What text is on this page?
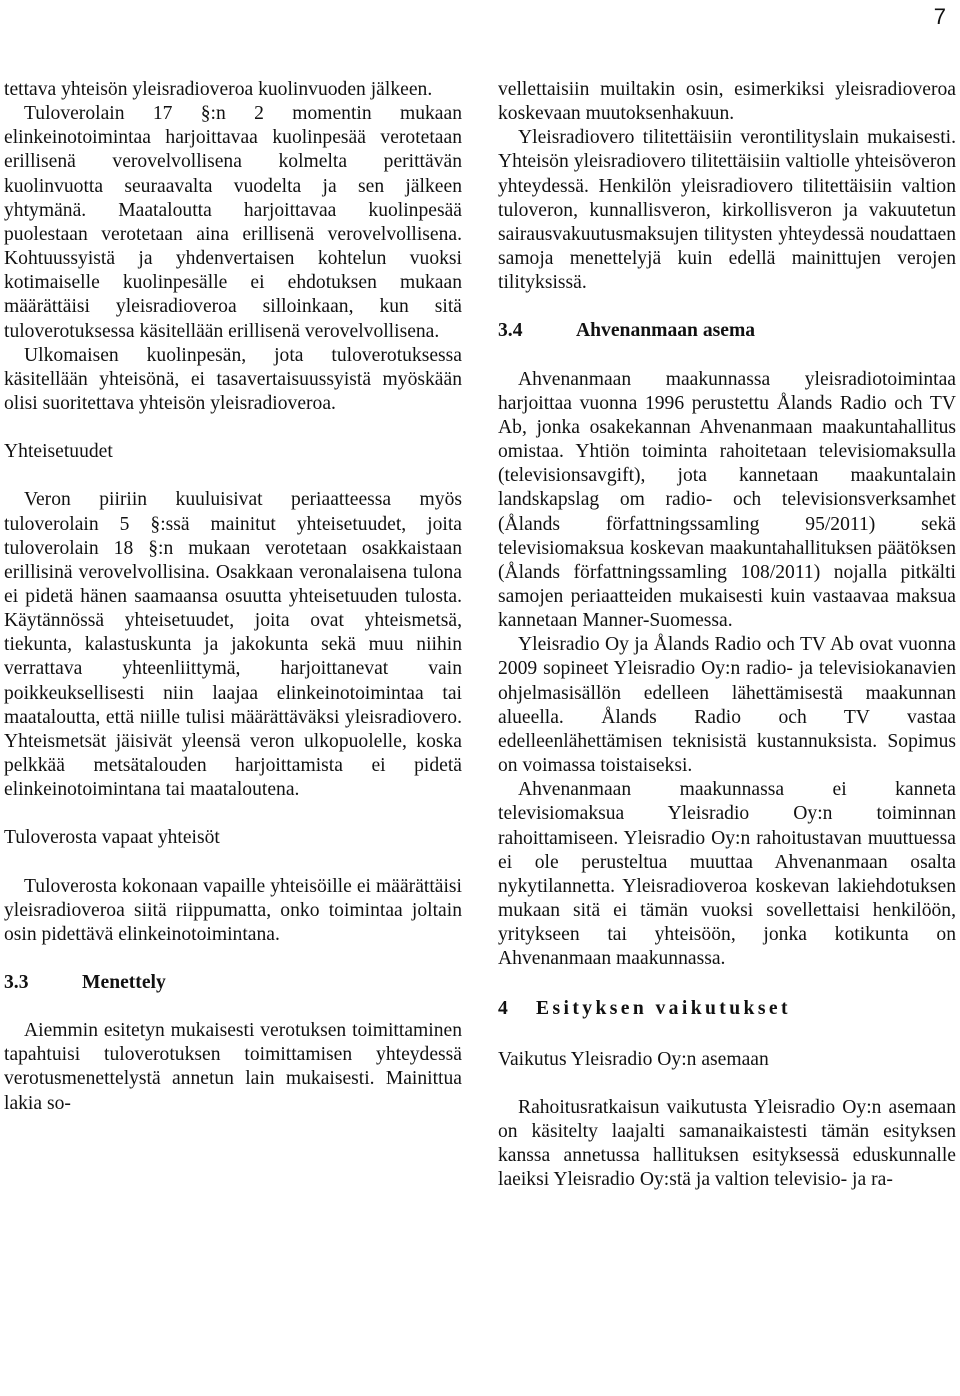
7

tettava yhteisön yleisradioveroa kuolinvuoden jälkeen.

Tuloverolain 17 §:n 2 momentin mukaan elinkeinotoimintaa harjoittavaa kuolinpesää verotetaan erillisenä verovelvollisena kolmelta perittävän kuolinvuotta seuraavalta vuodelta ja sen jälkeen yhtymänä. Maataloutta harjoittavaa kuolinpesää puolestaan verotetaan aina erillisenä verovelvollisena. Kohtuussyistä ja yhdenvertaisen kohtelun vuoksi kotimaiselle kuolinpesälle ei ehdotuksen mukaan määrättäisi yleisradioveroa silloinkaan, kun sitä tuloverotuksessa käsitellään erillisenä verovelvollisena.

Ulkomaisen kuolinpesän, jota tuloverotuksessa käsitellään yhteisönä, ei tasavertaisuussyistä myöskään olisi suoritettava yhteisön yleisradioveroa.

Yhteisetuudet

Veron piiriin kuuluisivat periaatteessa myös tuloverolain 5 §:ssä mainitut yhteisetuudet, joita tuloverolain 18 §:n mukaan verotetaan osakkaistaan erillisinä verovelvollisina. Osakkaan veronalaisena tulona ei pidetä hänen saamaansa osuutta yhteisetuuden tulosta. Käytännössä yhteisetuudet, joita ovat yhteismetsä, tiekunta, kalastuskunta ja jakokunta sekä muu niihin verrattava yhteenliittymä, harjoittanevat vain poikkeuksellisesti niin laajaa elinkeinotoimintaa tai maataloutta, että niille tulisi määrättäväksi yleisradiovero. Yhteismetsät jäisivät yleensä veron ulkopuolelle, koska pelkkää metsätalouden harjoittamista ei pidetä elinkeinotoimintana tai maataloutena.

Tuloverosta vapaat yhteisöt

Tuloverosta kokonaan vapaille yhteisöille ei määrättäisi yleisradioveroa siitä riippumatta, onko toimintaa joltain osin pidettävä elinkeinotoimintana.

3.3	Menettely

Aiemmin esitetyn mukaisesti verotuksen toimittaminen tapahtuisi tuloverotuksen toimittamisen yhteydessä verotusmenettelystä annetun lain mukaisesti. Mainittua lakia so-

vellettaisiin muiltakin osin, esimerkiksi yleisradioveroa koskevaan muutoksenhakuun.

Yleisradiovero tilitettäisiin verontilityslain mukaisesti. Yhteisön yleisradiovero tilitettäisiin valtiolle yhteisöveron yhteydessä. Henkilön yleisradiovero tilitettäisiin valtion tuloveron, kunnallisveron, kirkollisveron ja vakuutetun sairausvakuutusmaksujen tilitysten yhteydessä noudattaen samoja menettelyjä kuin edellä mainittujen verojen tilityksissä.

3.4	Ahvenanmaan asema

Ahvenanmaan maakunnassa yleisradiotoimintaa harjoittaa vuonna 1996 perustettu Ålands Radio och TV Ab, jonka osakekannan Ahvenanmaan maakuntahallitus omistaa. Yhtiön toiminta rahoitetaan televisiomaksulla (televisionsavgift), jota kannetaan maakuntalain landskapslag om radio- och televisionsverksamhet (Ålands författningssamling 95/2011) sekä televisiomaksua koskevan maakuntahallituksen päätöksen (Ålands författningssamling 108/2011) nojalla pitkälti samojen periaatteiden mukaisesti kuin vastaavaa maksua kannetaan Manner-Suomessa.

Yleisradio Oy ja Ålands Radio och TV Ab ovat vuonna 2009 sopineet Yleisradio Oy:n radio- ja televisiokanavien ohjelmasisällön edelleen lähettämisestä maakunnan alueella. Ålands Radio och TV vastaa edelleenlähettämisen teknisistä kustannuksista. Sopimus on voimassa toistaiseksi.

Ahvenanmaan maakunnassa ei kanneta televisiomaksua Yleisradio Oy:n toiminnan rahoittamiseen. Yleisradio Oy:n rahoitustavan muuttuessa ei ole perusteltua muuttaa Ahvenanmaan osalta nykytilannetta. Yleisradioveroa koskevan lakiehdotuksen mukaan sitä ei tämän vuoksi sovellettaisi henkilöön, yritykseen tai yhteisöön, jonka kotikunta on Ahvenanmaan maakunnassa.

4 Esityksen vaikutukset
Vaikutus Yleisradio Oy:n asemaan

Rahoitusratkaisun vaikutusta Yleisradio Oy:n asemaan on käsitelty laajalti samanaikaistesti tämän esityksen kanssa annetussa hallituksen esityksessä eduskunnalle laeiksi Yleisradio Oy:stä ja valtion televisio- ja ra-
